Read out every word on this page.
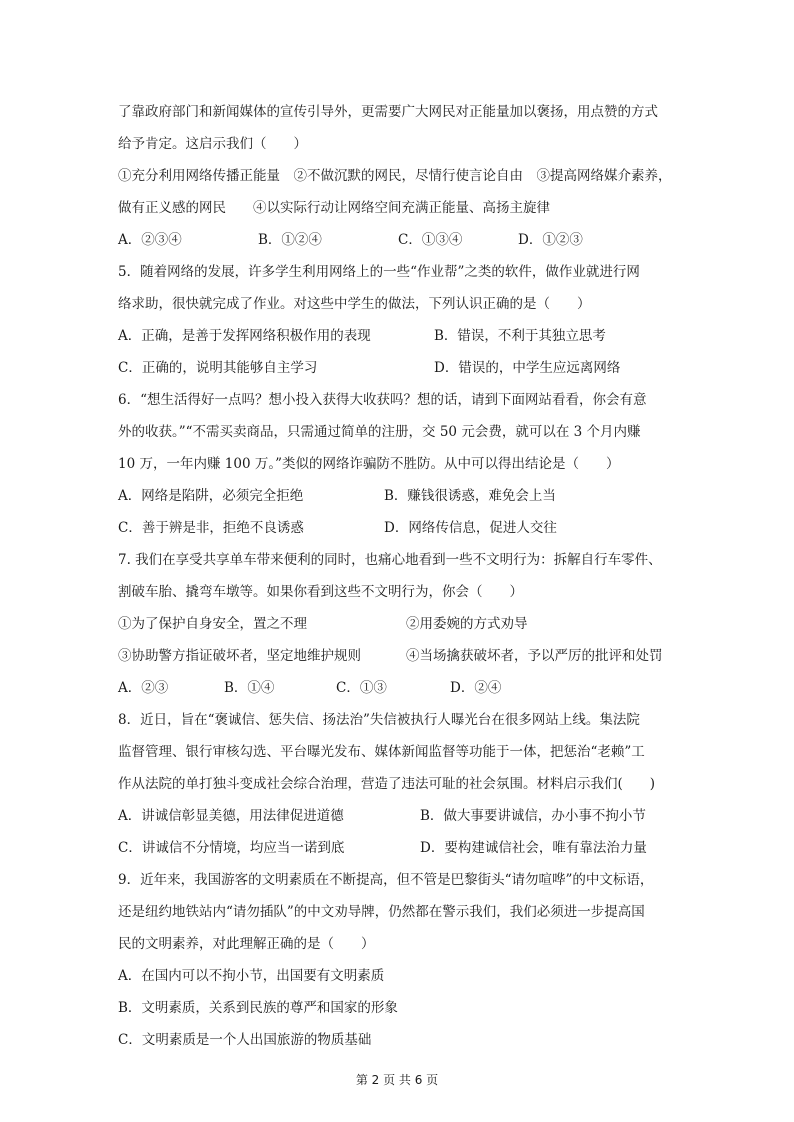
了靠政府部门和新闻媒体的宣传引导外，更需要广大网民对正能量加以褒扬，用点赞的方式
给予肯定。这启示我们（　　）
①充分利用网络传播正能量　②不做沉默的网民，尽情行使言论自由　③提高网络媒介素养，
做有正义感的网民　　④以实际行动让网络空间充满正能量、高扬主旋律
A．②③④	B．①②④	C．①③④	D．①②③
5．随着网络的发展，许多学生利用网络上的一些“作业帮”之类的软件，做作业就进行网
络求助，很快就完成了作业。对这些中学生的做法，下列认识正确的是（　　）
A．正确，是善于发挥网络积极作用的表现	B．错误，不利于其独立思考
C．正确的，说明其能够自主学习	D．错误的，中学生应远离网络
6．“想生活得好一点吗？想小投入获得大收获吗？想的话，请到下面网站看看，你会有意
外的收获。”“不需买卖商品，只需通过简单的注册，交 50 元会费，就可以在 3 个月内赚
10 万，一年内赚 100 万。”类似的网络诈骗防不胜防。从中可以得出结论是（　　）
A．网络是陷阱，必须完全拒绝	B．赚钱很诱惑，难免会上当
C．善于辨是非，拒绝不良诱惑	D．网络传信息，促进人交往
7. 我们在享受共享单车带来便利的同时，也痛心地看到一些不文明行为：拆解自行车零件、
割破车胎、撬弯车墩等。如果你看到这些不文明行为，你会（　　）
①为了保护自身安全，置之不理	②用委婉的方式劝导
③协助警方指证破坏者，坚定地维护规则	④当场擒获破坏者，予以严厉的批评和处罚
A．②③	B．①④	C．①③	D．②④
8．近日，旨在“褒诚信、惩失信、扬法治”失信被执行人曝光台在很多网站上线。集法院
监督管理、银行审核勾选、平台曝光发布、媒体新闻监督等功能于一体，把惩治“老赖”工
作从法院的单打独斗变成社会综合治理，营造了违法可耻的社会氛围。材料启示我们(　　)
A．讲诚信彰显美德，用法律促进道德	B．做大事要讲诚信，办小事不拘小节
C．讲诚信不分情境，均应当一诺到底	D．要构建诚信社会，唯有靠法治力量
9．近年来，我国游客的文明素质在不断提高，但不管是巴黎街头“请勿喧哗”的中文标语，
还是纽约地铁站内“请勿插队”的中文劝导牌，仍然都在警示我们，我们必须进一步提高国
民的文明素养，对此理解正确的是（　　）
A．在国内可以不拘小节，出国要有文明素质
B．文明素质，关系到民族的尊严和国家的形象
C．文明素质是一个人出国旅游的物质基础
第 2 页 共 6 页
